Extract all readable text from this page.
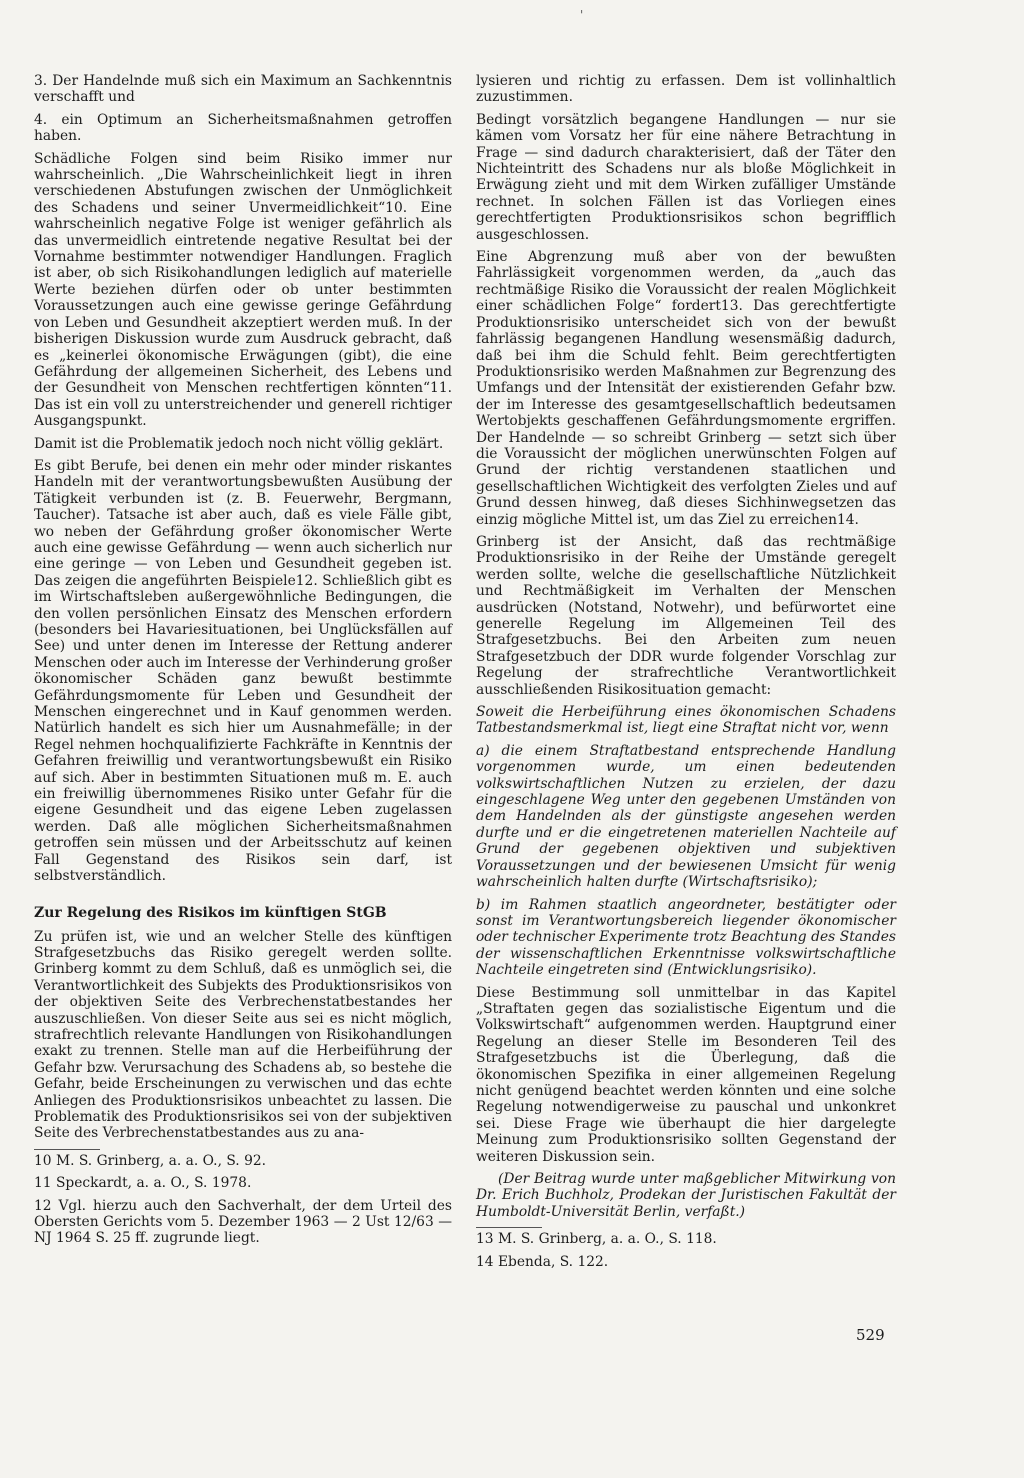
'

3. Der Handelnde muß sich ein Maximum an Sachkenntnis verschafft und

4. ein Optimum an Sicherheitsmaßnahmen getroffen haben.

Schädliche Folgen sind beim Risiko immer nur wahrscheinlich. „Die Wahrscheinlichkeit liegt in ihren verschiedenen Abstufungen zwischen der Unmöglichkeit des Schadens und seiner Unvermeidlichkeit“10. Eine wahrscheinlich negative Folge ist weniger gefährlich als das unvermeidlich eintretende negative Resultat bei der Vornahme bestimmter notwendiger Handlungen. Fraglich ist aber, ob sich Risikohandlungen lediglich auf materielle Werte beziehen dürfen oder ob unter bestimmten Voraussetzungen auch eine gewisse geringe Gefährdung von Leben und Gesundheit akzeptiert werden muß. In der bisherigen Diskussion wurde zum Ausdruck gebracht, daß es „keinerlei ökonomische Erwägungen (gibt), die eine Gefährdung der allgemeinen Sicherheit, des Lebens und der Gesundheit von Menschen rechtfertigen könnten“11. Das ist ein voll zu unterstreichender und generell richtiger Ausgangspunkt.

Damit ist die Problematik jedoch noch nicht völlig geklärt.

Es gibt Berufe, bei denen ein mehr oder minder riskantes Handeln mit der verantwortungsbewußten Ausübung der Tätigkeit verbunden ist (z. B. Feuerwehr, Bergmann, Taucher). Tatsache ist aber auch, daß es viele Fälle gibt, wo neben der Gefährdung großer ökonomischer Werte auch eine gewisse Gefährdung — wenn auch sicherlich nur eine geringe — von Leben und Gesundheit gegeben ist. Das zeigen die angeführten Beispiele12. Schließlich gibt es im Wirtschaftsleben außergewöhnliche Bedingungen, die den vollen persönlichen Einsatz des Menschen erfordern (besonders bei Havariesituationen, bei Unglücksfällen auf See) und unter denen im Interesse der Rettung anderer Menschen oder auch im Interesse der Verhinderung großer ökonomischer Schäden ganz bewußt bestimmte Gefährdungsmomente für Leben und Gesundheit der Menschen eingerechnet und in Kauf genommen werden. Natürlich handelt es sich hier um Ausnahmefälle; in der Regel nehmen hochqualifizierte Fachkräfte in Kenntnis der Gefahren freiwillig und verantwortungsbewußt ein Risiko auf sich. Aber in bestimmten Situationen muß m. E. auch ein freiwillig übernommenes Risiko unter Gefahr für die eigene Gesundheit und das eigene Leben zugelassen werden. Daß alle möglichen Sicherheitsmaßnahmen getroffen sein müssen und der Arbeitsschutz auf keinen Fall Gegenstand des Risikos sein darf, ist selbstverständlich.

Zur Regelung des Risikos im künftigen StGB

Zu prüfen ist, wie und an welcher Stelle des künftigen Strafgesetzbuchs das Risiko geregelt werden sollte. Grinberg kommt zu dem Schluß, daß es unmöglich sei, die Verantwortlichkeit des Subjekts des Produktionsrisikos von der objektiven Seite des Verbrechenstatbestandes her auszuschließen. Von dieser Seite aus sei es nicht möglich, strafrechtlich relevante Handlungen von Risikohandlungen exakt zu trennen. Stelle man auf die Herbeiführung der Gefahr bzw. Verursachung des Schadens ab, so bestehe die Gefahr, beide Erscheinungen zu verwischen und das echte Anliegen des Produktionsrisikos unbeachtet zu lassen. Die Problematik des Produktionsrisikos sei von der subjektiven Seite des Verbrechenstatbestandes aus zu ana-

10 M. S. Grinberg, a. a. O., S. 92.

11 Speckardt, a. a. O., S. 1978.

12 Vgl. hierzu auch den Sachverhalt, der dem Urteil des Obersten Gerichts vom 5. Dezember 1963 — 2 Ust 12/63 — NJ 1964 S. 25 ff. zugrunde liegt.

lysieren und richtig zu erfassen. Dem ist vollinhaltlich zuzustimmen.

Bedingt vorsätzlich begangene Handlungen — nur sie kämen vom Vorsatz her für eine nähere Betrachtung in Frage — sind dadurch charakterisiert, daß der Täter den Nichteintritt des Schadens nur als bloße Möglichkeit in Erwägung zieht und mit dem Wirken zufälliger Umstände rechnet. In solchen Fällen ist das Vorliegen eines gerechtfertigten Produktionsrisikos schon begrifflich ausgeschlossen.

Eine Abgrenzung muß aber von der bewußten Fahrlässigkeit vorgenommen werden, da „auch das rechtmäßige Risiko die Voraussicht der realen Möglichkeit einer schädlichen Folge“ fordert13. Das gerechtfertigte Produktionsrisiko unterscheidet sich von der bewußt fahrlässig begangenen Handlung wesensmäßig dadurch, daß bei ihm die Schuld fehlt. Beim gerechtfertigten Produktionsrisiko werden Maßnahmen zur Begrenzung des Umfangs und der Intensität der existierenden Gefahr bzw. der im Interesse des gesamtgesellschaftlich bedeutsamen Wertobjekts geschaffenen Gefährdungsmomente ergriffen. Der Handelnde — so schreibt Grinberg — setzt sich über die Voraussicht der möglichen unerwünschten Folgen auf Grund der richtig verstandenen staatlichen und gesellschaftlichen Wichtigkeit des verfolgten Zieles und auf Grund dessen hinweg, daß dieses Sichhinwegsetzen das einzig mögliche Mittel ist, um das Ziel zu erreichen14.

Grinberg ist der Ansicht, daß das rechtmäßige Produktionsrisiko in der Reihe der Umstände geregelt werden sollte, welche die gesellschaftliche Nützlichkeit und Rechtmäßigkeit im Verhalten der Menschen ausdrücken (Notstand, Notwehr), und befürwortet eine generelle Regelung im Allgemeinen Teil des Strafgesetzbuchs. Bei den Arbeiten zum neuen Strafgesetzbuch der DDR wurde folgender Vorschlag zur Regelung der strafrechtliche Verantwortlichkeit ausschließenden Risikosituation gemacht:

Soweit die Herbeiführung eines ökonomischen Schadens Tatbestandsmerkmal ist, liegt eine Straftat nicht vor, wenn

a) die einem Straftatbestand entsprechende Handlung vorgenommen wurde, um einen bedeutenden volkswirtschaftlichen Nutzen zu erzielen, der dazu eingeschlagene Weg unter den gegebenen Umständen von dem Handelnden als der günstigste angesehen werden durfte und er die eingetretenen materiellen Nachteile auf Grund der gegebenen objektiven und subjektiven Voraussetzungen und der bewiesenen Umsicht für wenig wahrscheinlich halten durfte (Wirtschaftsrisiko);

b) im Rahmen staatlich angeordneter, bestätigter oder sonst im Verantwortungsbereich liegender ökonomischer oder technischer Experimente trotz Beachtung des Standes der wissenschaftlichen Erkenntnisse volkswirtschaftliche Nachteile eingetreten sind (Entwicklungsrisiko).

Diese Bestimmung soll unmittelbar in das Kapitel „Straftaten gegen das sozialistische Eigentum und die Volkswirtschaft“ aufgenommen werden. Hauptgrund einer Regelung an dieser Stelle im Besonderen Teil des Strafgesetzbuchs ist die Überlegung, daß die ökonomischen Spezifika in einer allgemeinen Regelung nicht genügend beachtet werden könnten und eine solche Regelung notwendigerweise zu pauschal und unkonkret sei. Diese Frage wie überhaupt die hier dargelegte Meinung zum Produktionsrisiko sollten Gegenstand der weiteren Diskussion sein.

(Der Beitrag wurde unter maßgeblicher Mitwirkung von Dr. Erich Buchholz, Prodekan der Juristischen Fakultät der Humboldt-Universität Berlin, verfaßt.)

13 M. S. Grinberg, a. a. O., S. 118.

14 Ebenda, S. 122.

529
